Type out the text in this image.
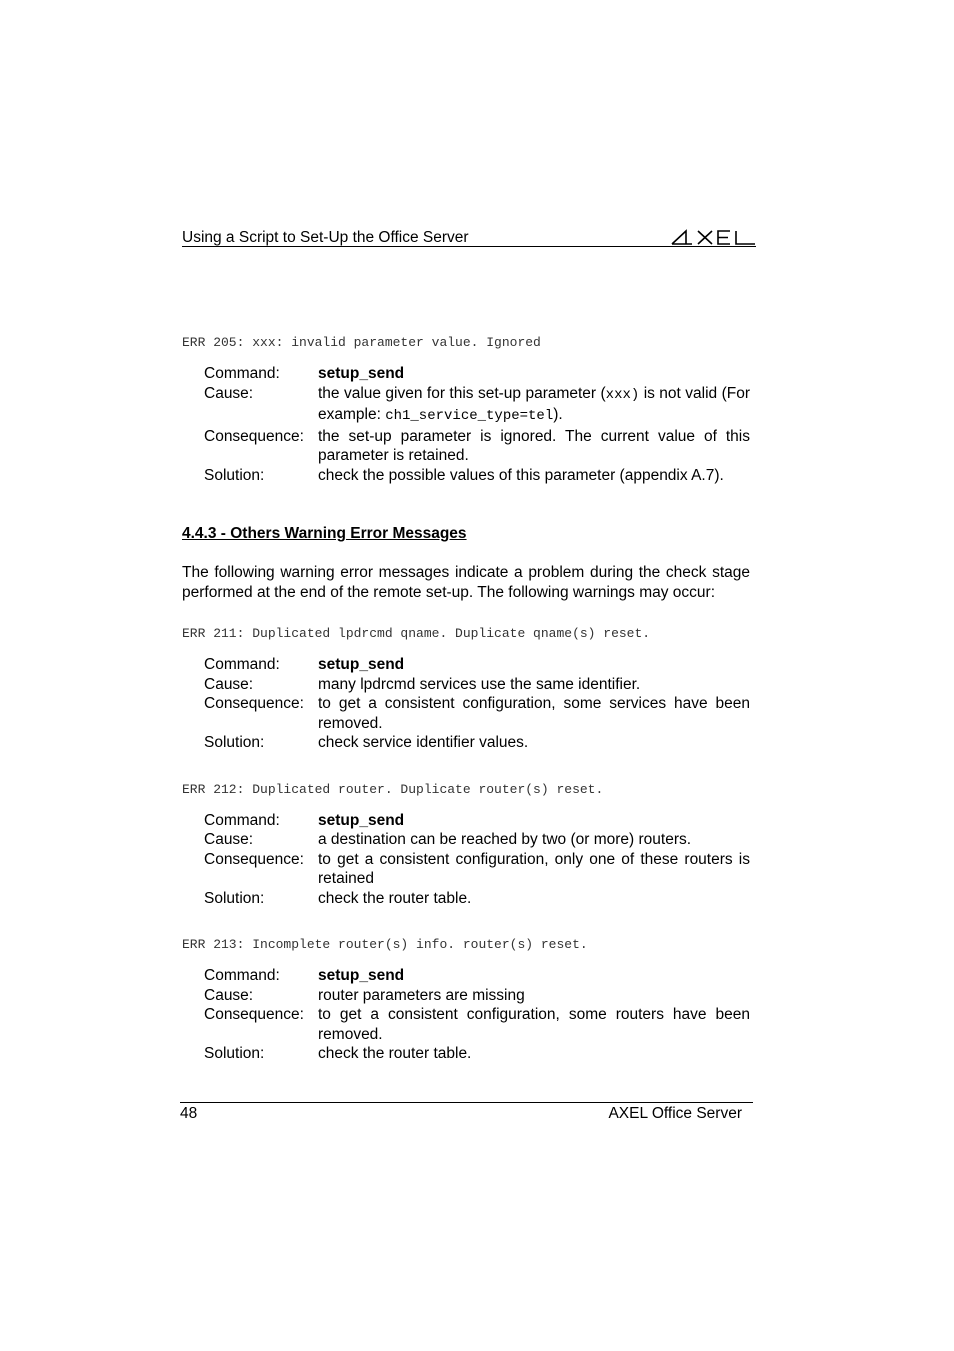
Using a Script to Set-Up the Office Server

ERR 205: xxx: invalid parameter value. Ignored

Command:	setup_send
Cause:	the value given for this set-up parameter (xxx) is not valid (For example: ch1_service_type=tel).
Consequence: the set-up parameter is ignored. The current value of this parameter is retained.
Solution:	check the possible values of this parameter (appendix A.7).

4.4.3 - Others Warning Error Messages

The following warning error messages indicate a problem during the check stage performed at the end of the remote set-up. The following warnings may occur:

ERR 211: Duplicated lpdrcmd qname. Duplicate qname(s) reset.

Command:	setup_send
Cause:	many lpdrcmd services use the same identifier.
Consequence: to get a consistent configuration, some services have been removed.
Solution:	check service identifier values.

ERR 212: Duplicated router. Duplicate router(s) reset.

Command:	setup_send
Cause:	a destination can be reached by two (or more) routers.
Consequence: to get a consistent configuration, only one of these routers is retained
Solution:	check the router table.

ERR 213: Incomplete router(s) info. router(s) reset.

Command:	setup_send
Cause:	router parameters are missing
Consequence: to get a consistent configuration, some routers have been removed.
Solution:	check the router table.
48	AXEL Office Server
